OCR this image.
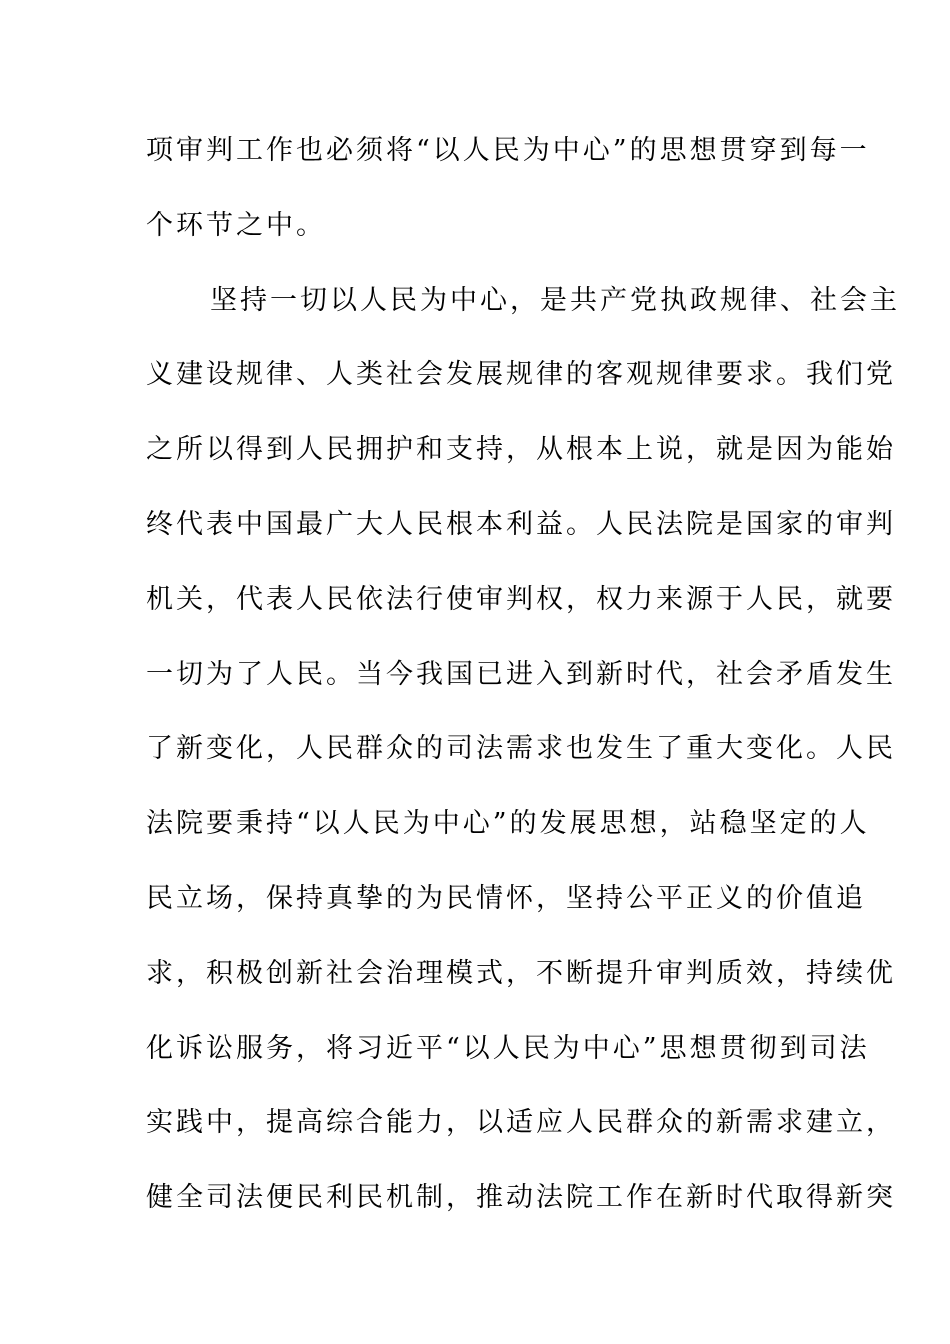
项审判工作也必须将“以人民为中心”的思想贯穿到每一
个环节之中。
坚持一切以人民为中心，是共产党执政规律、社会主
义建设规律、人类社会发展规律的客观规律要求。我们党
之所以得到人民拥护和支持，从根本上说，就是因为能始
终代表中国最广大人民根本利益。人民法院是国家的审判
机关，代表人民依法行使审判权，权力来源于人民，就要
一切为了人民。当今我国已进入到新时代，社会矛盾发生
了新变化，人民群众的司法需求也发生了重大变化。人民
法院要秉持“以人民为中心”的发展思想，站稳坚定的人
民立场，保持真挚的为民情怀，坚持公平正义的价值追
求，积极创新社会治理模式，不断提升审判质效，持续优
化诉讼服务，将习近平“以人民为中心”思想贯彻到司法
实践中，提高综合能力，以适应人民群众的新需求建立，
健全司法便民利民机制，推动法院工作在新时代取得新突
